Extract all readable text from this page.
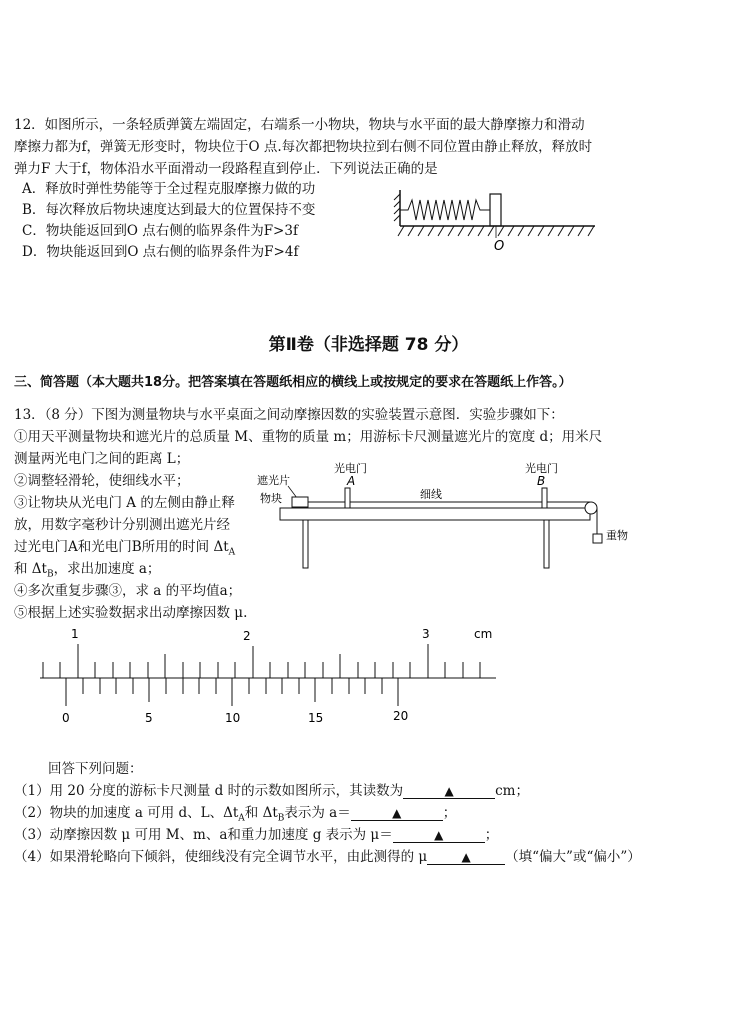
12．如图所示，一条轻质弹簧左端固定，右端系一小物块，物块与水平面的最大静摩擦力和滑动
摩擦力都为f，弹簧无形变时，物块位于O 点.每次都把物块拉到右侧不同位置由静止释放，释放时
弹力F 大于f，物体沿水平面滑动一段路程直到停止．下列说法正确的是
A．释放时弹性势能等于全过程克服摩擦力做的功
B．每次释放后物块速度达到最大的位置保持不变
C．物块能返回到O 点右侧的临界条件为F>3f
D．物块能返回到O 点右侧的临界条件为F>4f	O
第Ⅱ卷（非选择题 78 分）
三、简答题（本大题共18分。把答案填在答题纸相应的横线上或按规定的要求在答题纸上作答。）
13．（8 分）下图为测量物块与水平桌面之间动摩擦因数的实验装置示意图．实验步骤如下：
①用天平测量物块和遮光片的总质量 M、重物的质量 m；用游标卡尺测量遮光片的宽度 d；用米尺
测量两光电门之间的距离 L；
②调整轻滑轮，使细线水平；
③让物块从光电门 A 的左侧由静止释
放，用数字毫秒计分别测出遮光片经
过光电门A和光电门B所用的时间 $\Delta t_A$
和 $\Delta t_B$，求出加速度 a；
④多次重复步骤③，求 a 的平均值a；
⑤根据上述实验数据求出动摩擦因数 μ.
遮光片
物块
光电门
A
光电门
B
细线
重物
1	2	3	cm
0	5	10	15	20
回答下列问题：
（1）用 20 分度的游标卡尺测量 d 时的示数如图所示，其读数为	▲	cm；
（2）物块的加速度 a 可用 d、L、$\Delta t_A$和 $\Delta t_B$表示为 a＝	▲	；
（3）动摩擦因数 μ 可用 M、m、a和重力加速度 g 表示为 μ＝	▲	；
（4）如果滑轮略向下倾斜，使细线没有完全调节水平，由此测得的 μ	▲	（填“偏大”或“偏小”）
